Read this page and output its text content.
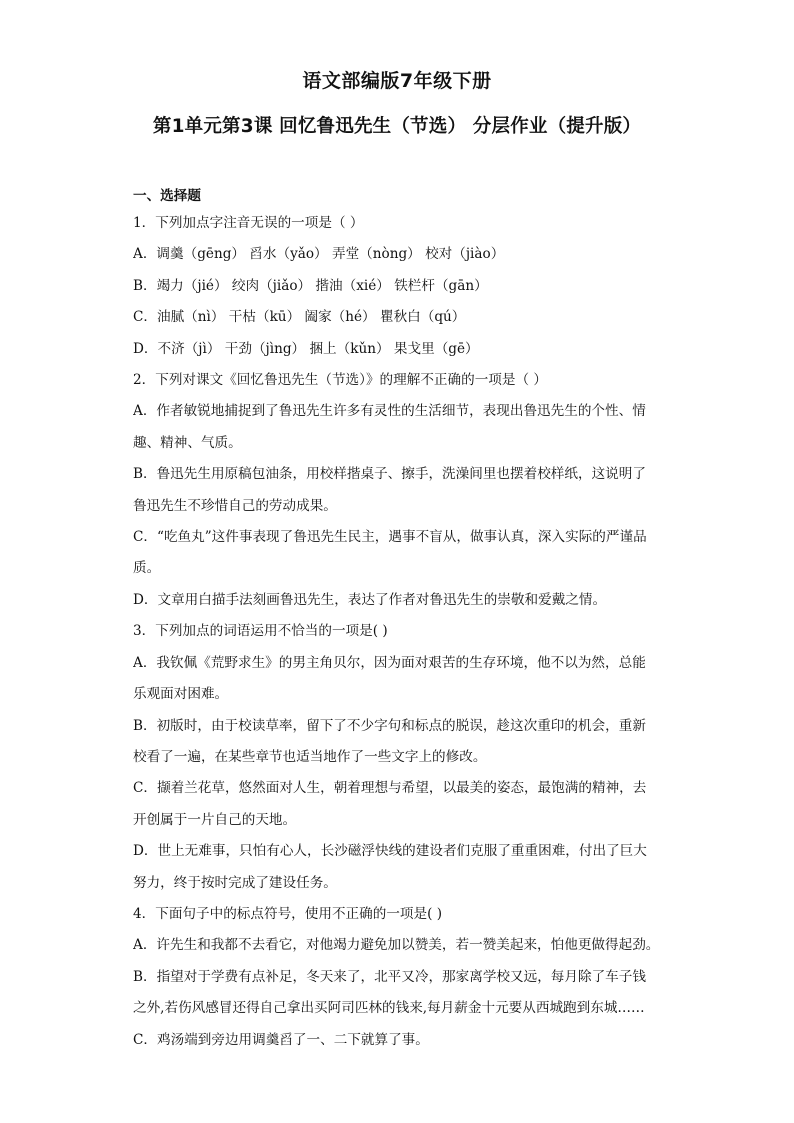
语文部编版7年级下册
第1单元第3课 回忆鲁迅先生（节选） 分层作业（提升版）
一、选择题
1．下列加点字注音无误的一项是（ ）
A．调羹（gēng） 舀水（yǎo） 弄堂（nòng） 校对（jiào）
B．竭力（jié） 绞肉（jiǎo） 揩油（xié） 铁栏杆（gān）
C．油腻（nì） 干枯（kū） 阖家（hé） 瞿秋白（qú）
D．不济（jì） 干劲（jìng） 捆上（kǔn） 果戈里（gē）
2．下列对课文《回忆鲁迅先生（节选）》的理解不正确的一项是（ ）
A．作者敏锐地捕捉到了鲁迅先生许多有灵性的生活细节，表现出鲁迅先生的个性、情
趣、精神、气质。
B．鲁迅先生用原稿包油条，用校样揩桌子、擦手，洗澡间里也摆着校样纸，这说明了
鲁迅先生不珍惜自己的劳动成果。
C．“吃鱼丸”这件事表现了鲁迅先生民主，遇事不盲从，做事认真，深入实际的严谨品
质。
D．文章用白描手法刻画鲁迅先生，表达了作者对鲁迅先生的崇敬和爱戴之情。
3．下列加点的词语运用不恰当的一项是( )
A．我钦佩《荒野求生》的男主角贝尔，因为面对艰苦的生存环境，他不以为然，总能
乐观面对困难。
B．初版时，由于校读草率，留下了不少字句和标点的脱误，趁这次重印的机会，重新
校看了一遍，在某些章节也适当地作了一些文字上的修改。
C．撷着兰花草，悠然面对人生，朝着理想与希望，以最美的姿态，最饱满的精神，去
开创属于一片自己的天地。
D．世上无难事，只怕有心人，长沙磁浮快线的建设者们克服了重重困难，付出了巨大
努力，终于按时完成了建设任务。
4．下面句子中的标点符号，使用不正确的一项是( )
A．许先生和我都不去看它，对他竭力避免加以赞美，若一赞美起来，怕他更做得起劲。
B．指望对于学费有点补足，冬天来了，北平又冷，那家离学校又远，每月除了车子钱
之外,若伤风感冒还得自己拿出买阿司匹林的钱来,每月薪金十元要从西城跑到东城……
C．鸡汤端到旁边用调羹舀了一、二下就算了事。
